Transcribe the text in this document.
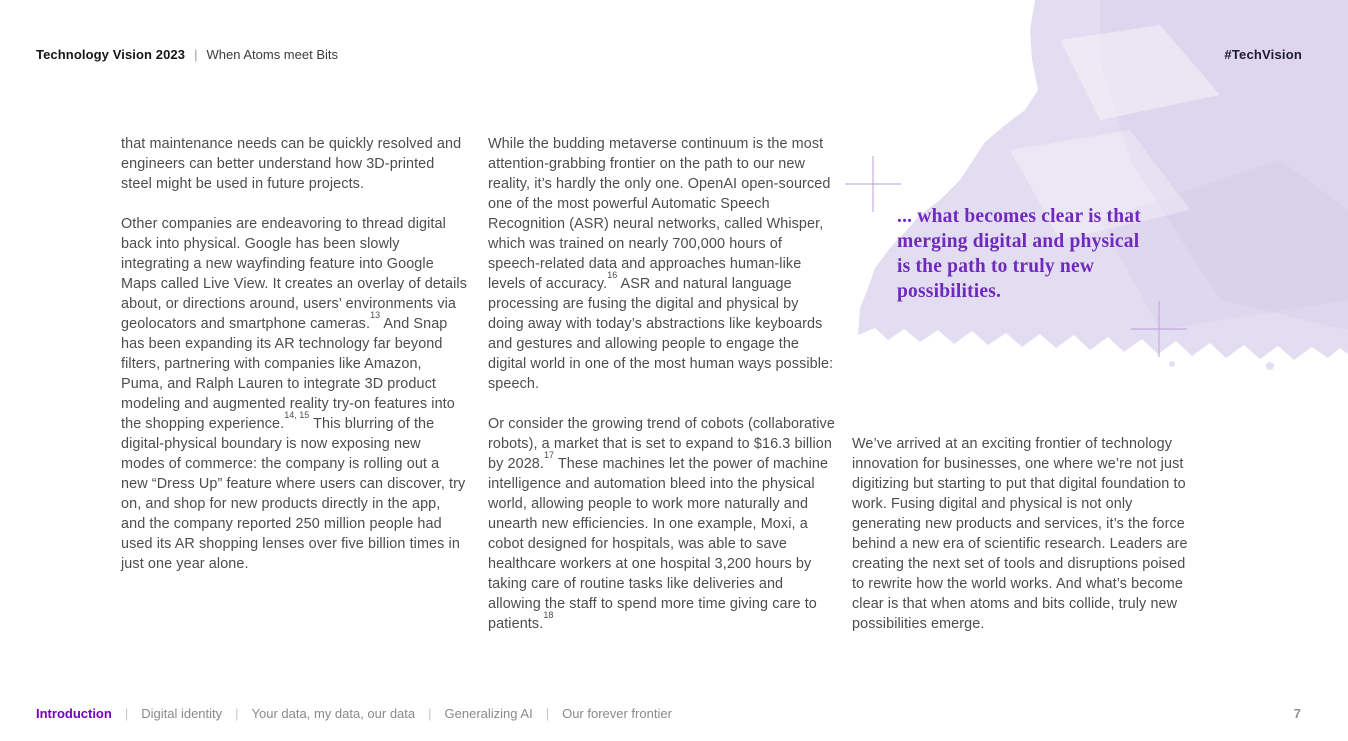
Technology Vision 2023 | When Atoms meet Bits	#TechVision

that maintenance needs can be quickly resolved and engineers can better understand how 3D-printed steel might be used in future projects.

Other companies are endeavoring to thread digital back into physical. Google has been slowly integrating a new wayfinding feature into Google Maps called Live View. It creates an overlay of details about, or directions around, users’ environments via geolocators and smartphone cameras.$^{13}$ And Snap has been expanding its AR technology far beyond filters, partnering with companies like Amazon, Puma, and Ralph Lauren to integrate 3D product modeling and augmented reality try-on features into the shopping experience.$^{14, 15}$ This blurring of the digital-physical boundary is now exposing new modes of commerce: the company is rolling out a new “Dress Up” feature where users can discover, try on, and shop for new products directly in the app, and the company reported 250 million people had used its AR shopping lenses over five billion times in just one year alone.

While the budding metaverse continuum is the most attention-grabbing frontier on the path to our new reality, it’s hardly the only one. OpenAI open-sourced one of the most powerful Automatic Speech Recognition (ASR) neural networks, called Whisper, which was trained on nearly 700,000 hours of speech-related data and approaches human-like levels of accuracy.$^{16}$ ASR and natural language processing are fusing the digital and physical by doing away with today’s abstractions like keyboards and gestures and allowing people to engage the digital world in one of the most human ways possible: speech.

Or consider the growing trend of cobots (collaborative robots), a market that is set to expand to $16.3 billion by 2028.17 These machines let the power of machine intelligence and automation bleed into the physical world, allowing people to work more naturally and unearth new efficiencies. In one example, Moxi, a cobot designed for hospitals, was able to save healthcare workers at one hospital 3,200 hours by taking care of routine tasks like deliveries and allowing the staff to spend more time giving care to patients.$^{18}$

... what becomes clear is that merging digital and physical is the path to truly new possibilities.

We’ve arrived at an exciting frontier of technology innovation for businesses, one where we’re not just digitizing but starting to put that digital foundation to work. Fusing digital and physical is not only generating new products and services, it’s the force behind a new era of scientific research. Leaders are creating the next set of tools and disruptions poised to rewrite how the world works. And what’s become clear is that when atoms and bits collide, truly new possibilities emerge.

Introduction | Digital identity | Your data, my data, our data | Generalizing AI | Our forever frontier	7
